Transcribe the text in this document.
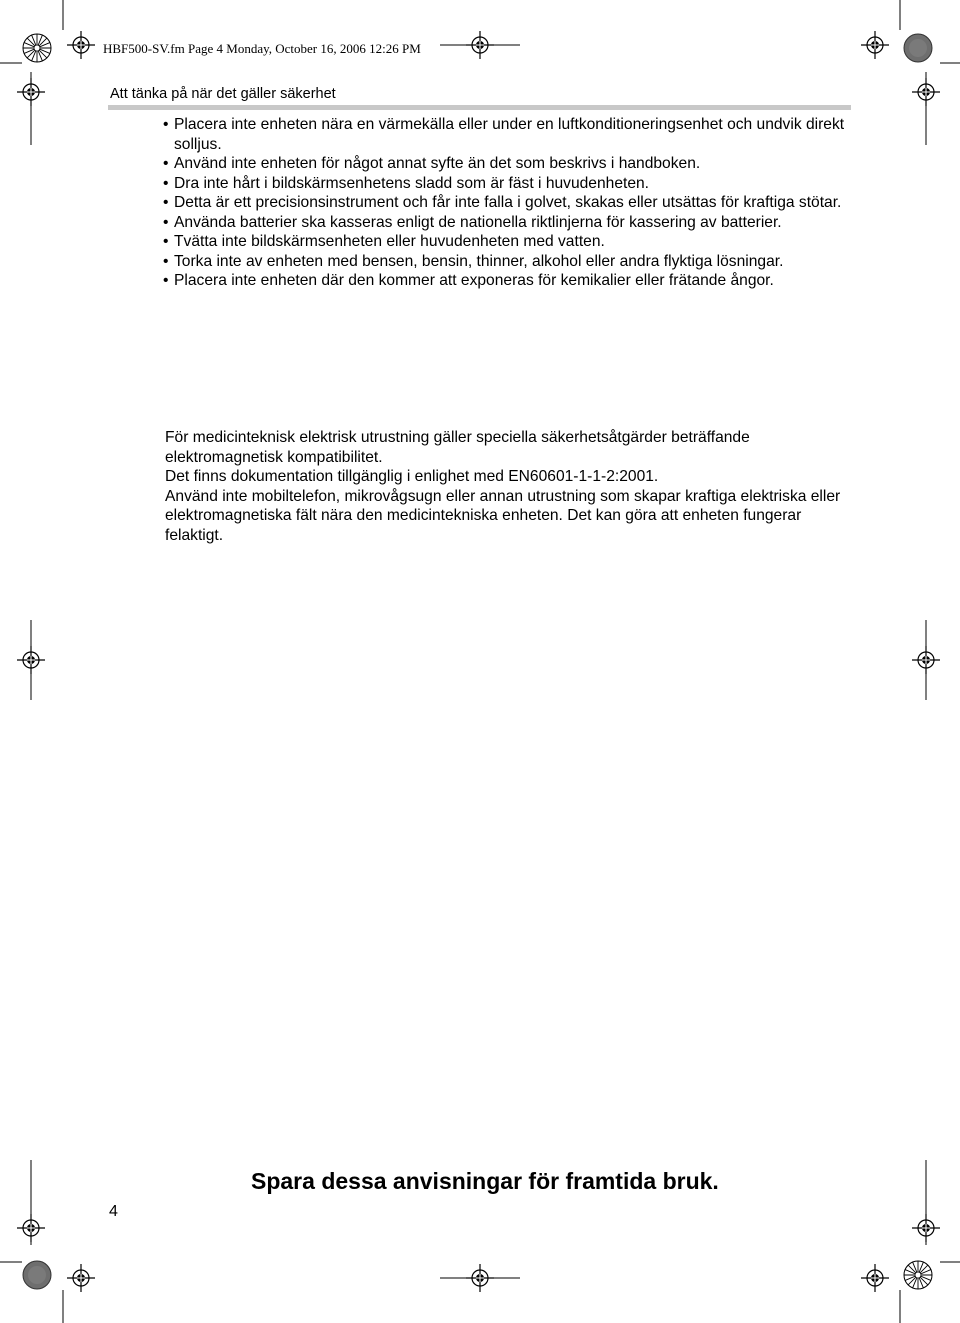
HBF500-SV.fm Page 4 Monday, October 16, 2006 12:26 PM
Att tänka på när det gäller säkerhet
• Placera inte enheten nära en värmekälla eller under en luftkonditioneringsenhet och undvik direkt solljus.
• Använd inte enheten för något annat syfte än det som beskrivs i handboken.
• Dra inte hårt i bildskärmsenhetens sladd som är fäst i huvudenheten.
• Detta är ett precisionsinstrument och får inte falla i golvet, skakas eller utsättas för kraftiga stötar.
• Använda batterier ska kasseras enligt de nationella riktlinjerna för kassering av batterier.
• Tvätta inte bildskärmsenheten eller huvudenheten med vatten.
• Torka inte av enheten med bensen, bensin, thinner, alkohol eller andra flyktiga lösningar.
• Placera inte enheten där den kommer att exponeras för kemikalier eller frätande ångor.

För medicinteknisk elektrisk utrustning gäller speciella säkerhetsåtgärder beträffande elektromagnetisk kompatibilitet.

Det finns dokumentation tillgänglig i enlighet med EN60601-1-1-2:2001.

Använd inte mobiltelefon, mikrovågsugn eller annan utrustning som skapar kraftiga elektriska eller elektromagnetiska fält nära den medicintekniska enheten. Det kan göra att enheten fungerar felaktigt.

Spara dessa anvisningar för framtida bruk.
4
